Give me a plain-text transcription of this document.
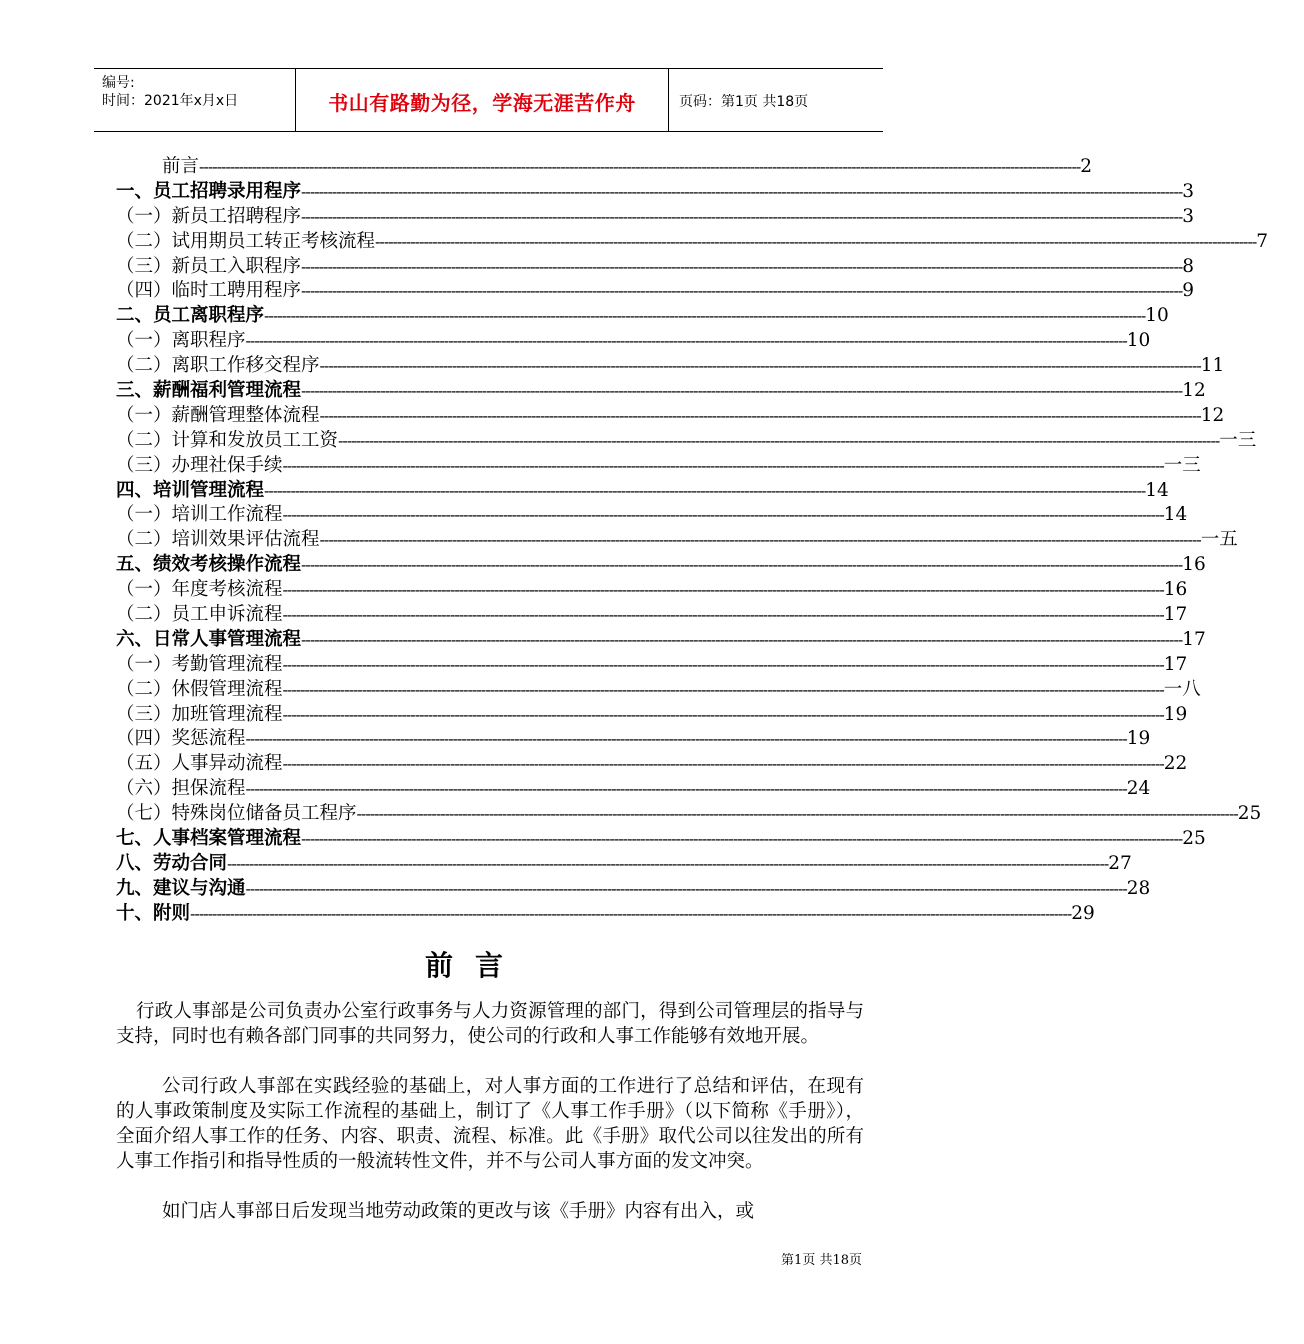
编号:
时间：2021年x月x日	书山有路勤为径，学海无涯苦作舟	页码：第1页 共18页
前言 -------------------------------------------------------------------------------------------------------------------------------------------------------------------------------------------------------- 2
一、员工招聘录用程序 -------------------------------------------------------------------------------------------------------------------------------------------------------------------------------------------------------- 3
（一）新员工招聘程序 -------------------------------------------------------------------------------------------------------------------------------------------------------------------------------------------------------- 3
（二）试用期员工转正考核流程 -------------------------------------------------------------------------------------------------------------------------------------------------------------------------------------------------------- 7
（三）新员工入职程序 -------------------------------------------------------------------------------------------------------------------------------------------------------------------------------------------------------- 8
（四）临时工聘用程序 -------------------------------------------------------------------------------------------------------------------------------------------------------------------------------------------------------- 9
二、员工离职程序 -------------------------------------------------------------------------------------------------------------------------------------------------------------------------------------------------------- 10
（一）离职程序 -------------------------------------------------------------------------------------------------------------------------------------------------------------------------------------------------------- 10
（二）离职工作移交程序 -------------------------------------------------------------------------------------------------------------------------------------------------------------------------------------------------------- 11
三、薪酬福利管理流程 -------------------------------------------------------------------------------------------------------------------------------------------------------------------------------------------------------- 12
（一）薪酬管理整体流程 -------------------------------------------------------------------------------------------------------------------------------------------------------------------------------------------------------- 12
（二）计算和发放员工工资 -------------------------------------------------------------------------------------------------------------------------------------------------------------------------------------------------------- 一三
（三）办理社保手续 -------------------------------------------------------------------------------------------------------------------------------------------------------------------------------------------------------- 一三
四、培训管理流程 -------------------------------------------------------------------------------------------------------------------------------------------------------------------------------------------------------- 14
（一）培训工作流程 -------------------------------------------------------------------------------------------------------------------------------------------------------------------------------------------------------- 14
（二）培训效果评估流程 -------------------------------------------------------------------------------------------------------------------------------------------------------------------------------------------------------- 一五
五、绩效考核操作流程 -------------------------------------------------------------------------------------------------------------------------------------------------------------------------------------------------------- 16
（一）年度考核流程 -------------------------------------------------------------------------------------------------------------------------------------------------------------------------------------------------------- 16
（二）员工申诉流程 -------------------------------------------------------------------------------------------------------------------------------------------------------------------------------------------------------- 17
六、日常人事管理流程 -------------------------------------------------------------------------------------------------------------------------------------------------------------------------------------------------------- 17
（一）考勤管理流程 -------------------------------------------------------------------------------------------------------------------------------------------------------------------------------------------------------- 17
（二）休假管理流程 -------------------------------------------------------------------------------------------------------------------------------------------------------------------------------------------------------- 一八
（三）加班管理流程 -------------------------------------------------------------------------------------------------------------------------------------------------------------------------------------------------------- 19
（四）奖惩流程 -------------------------------------------------------------------------------------------------------------------------------------------------------------------------------------------------------- 19
（五）人事异动流程 -------------------------------------------------------------------------------------------------------------------------------------------------------------------------------------------------------- 22
（六）担保流程 -------------------------------------------------------------------------------------------------------------------------------------------------------------------------------------------------------- 24
（七）特殊岗位储备员工程序 -------------------------------------------------------------------------------------------------------------------------------------------------------------------------------------------------------- 25
七、人事档案管理流程 -------------------------------------------------------------------------------------------------------------------------------------------------------------------------------------------------------- 25
八、劳动合同 -------------------------------------------------------------------------------------------------------------------------------------------------------------------------------------------------------- 27
九、建议与沟通 -------------------------------------------------------------------------------------------------------------------------------------------------------------------------------------------------------- 28
十、附则 -------------------------------------------------------------------------------------------------------------------------------------------------------------------------------------------------------- 29
前言
行政人事部是公司负责办公室行政事务与人力资源管理的部门，得到公司管理层的指导与支持，同时也有赖各部门同事的共同努力，使公司的行政和人事工作能够有效地开展。
公司行政人事部在实践经验的基础上，对人事方面的工作进行了总结和评估，在现有的人事政策制度及实际工作流程的基础上，制订了《人事工作手册》（以下简称《手册》），全面介绍人事工作的任务、内容、职责、流程、标准。此《手册》取代公司以往发出的所有人事工作指引和指导性质的一般流转性文件，并不与公司人事方面的发文冲突。
如门店人事部日后发现当地劳动政策的更改与该《手册》内容有出入，或
第1页 共18页
